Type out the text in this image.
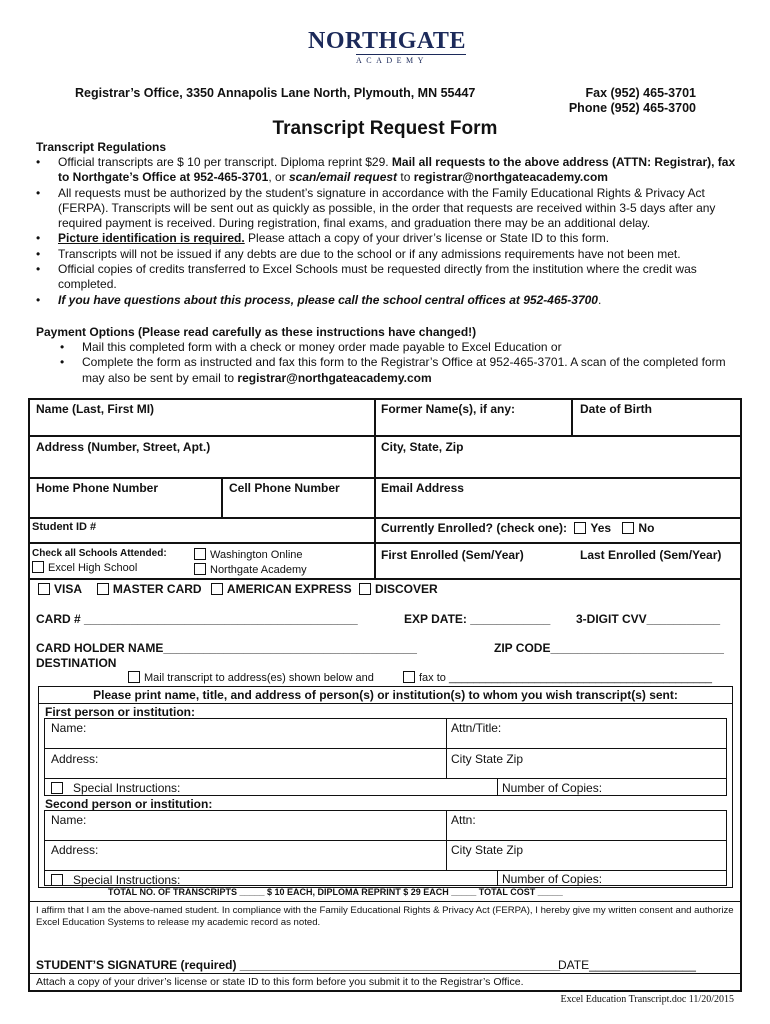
NORTHGATE
ACADEMY
Registrar’s Office, 3350 Annapolis Lane North, Plymouth, MN 55447	Fax (952) 465-3701
Phone (952) 465-3700
Transcript Request Form
Transcript Regulations
• Official transcripts are $ 10 per transcript. Diploma reprint $29. Mail all requests to the above address (ATTN: Registrar), fax to Northgate’s Office at 952-465-3701, or scan/email request to registrar@northgateacademy.com
• All requests must be authorized by the student’s signature in accordance with the Family Educational Rights & Privacy Act (FERPA). Transcripts will be sent out as quickly as possible, in the order that requests are received within 3-5 days after any required payment is received. During registration, final exams, and graduation there may be an additional delay.
• Picture identification is required. Please attach a copy of your driver’s license or State ID to this form.
• Transcripts will not be issued if any debts are due to the school or if any admissions requirements have not been met.
• Official copies of credits transferred to Excel Schools must be requested directly from the institution where the credit was completed.
• If you have questions about this process, please call the school central offices at 952-465-3700.
Payment Options (Please read carefully as these instructions have changed!)
• Mail this completed form with a check or money order made payable to Excel Education or
• Complete the form as instructed and fax this form to the Registrar’s Office at 952-465-3701. A scan of the completed form may also be sent by email to registrar@northgateacademy.com
Name (Last, First MI)	Former Name(s), if any:	Date of Birth
Address (Number, Street, Apt.)	City, State, Zip
Home Phone Number	Cell Phone Number	Email Address
Student ID #	Currently Enrolled? (check one): Yes No
Check all Schools Attended:
Excel High School
Washington Online
Northgate Academy
First Enrolled (Sem/Year)	Last Enrolled (Sem/Year)
VISA	MASTER CARD AMERICAN EXPRESS DISCOVER
CARD # _________________________________________	EXP DATE: ____________ 3-DIGIT CVV___________
CARD HOLDER NAME______________________________________	ZIP CODE__________________________
DESTINATION
Mail transcript to address(es) shown below and	fax to ___________________________________________
Please print name, title, and address of person(s) or institution(s) to whom you wish transcript(s) sent:
First person or institution:
Name:	Attn/Title:
Address:	City State Zip
Special Instructions:	Number of Copies:
Second person or institution:
Name:	Attn:
Address:	City State Zip
Special Instructions:	Number of Copies:
TOTAL NO. OF TRANSCRIPTS _____ $ 10 EACH, DIPLOMA REPRINT $ 29 EACH _____ TOTAL COST _____
I affirm that I am the above-named student. In compliance with the Family Educational Rights & Privacy Act (FERPA), I hereby give my written consent and authorize Excel Education Systems to release my academic record as noted.
STUDENT’S SIGNATURE (required) ________________________________________________
DATE________________
Attach a copy of your driver’s license or state ID to this form before you submit it to the Registrar’s Office.
Excel Education Transcript.doc 11/20/2015
